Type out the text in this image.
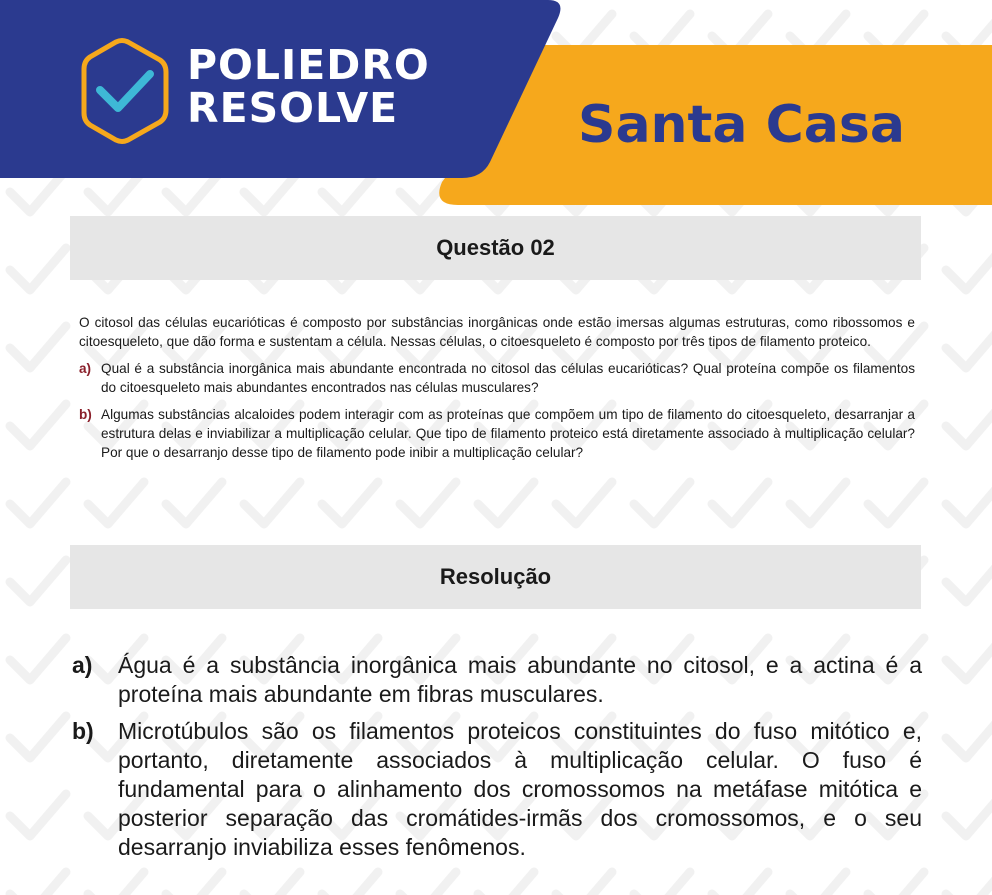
POLIEDRO
RESOLVE	Santa Casa
Questão 02

O citosol das células eucarióticas é composto por substâncias inorgânicas onde estão imersas algumas estruturas, como ribossomos e citoesqueleto, que dão forma e sustentam a célula. Nessas células, o citoesqueleto é composto por três tipos de filamento proteico.

a) Qual é a substância inorgânica mais abundante encontrada no citosol das células eucarióticas? Qual proteína compõe os filamentos do citoesqueleto mais abundantes encontrados nas células musculares?
b) Algumas substâncias alcaloides podem interagir com as proteínas que compõem um tipo de filamento do citoesqueleto, desarranjar a estrutura delas e inviabilizar a multiplicação celular. Que tipo de filamento proteico está diretamente associado à multiplicação celular? Por que o desarranjo desse tipo de filamento pode inibir a multiplicação celular?
Resolução
a)	Água é a substância inorgânica mais abundante no citosol, e a actina é a proteína mais abundante em fibras musculares.
b)	Microtúbulos são os filamentos proteicos constituintes do fuso mitótico e, portanto, diretamente associados à multiplicação celular. O fuso é fundamental para o alinhamento dos cromossomos na metáfase mitótica e posterior separação das cromátides-irmãs dos cromossomos, e o seu desarranjo inviabiliza esses fenômenos.
